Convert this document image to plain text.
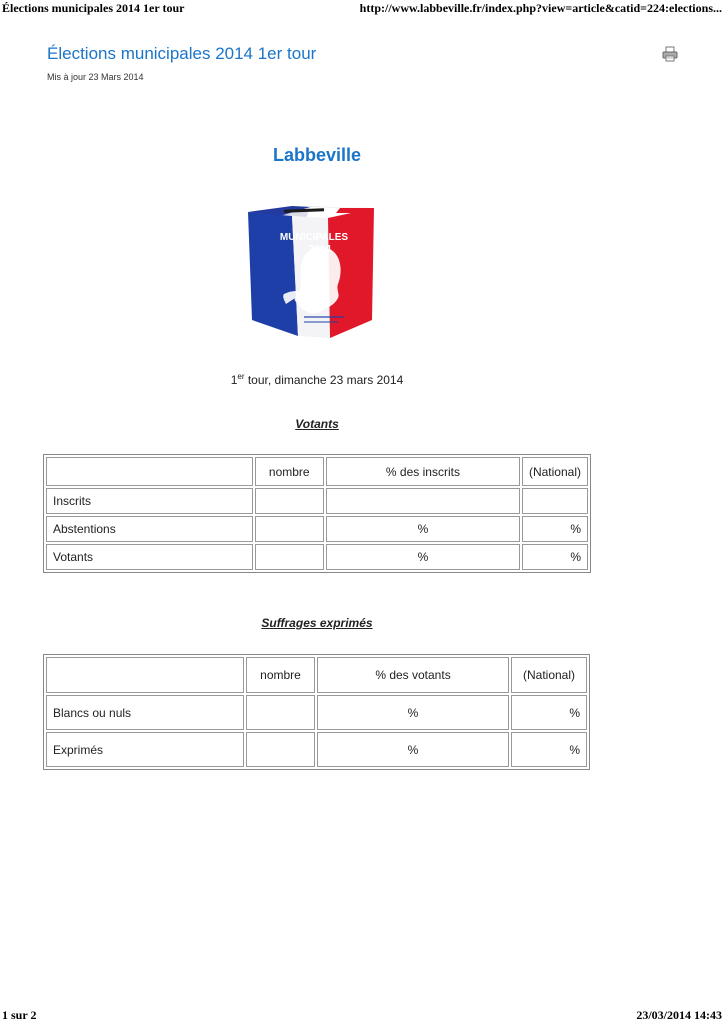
Élections municipales 2014 1er tour	http://www.labbeville.fr/index.php?view=article&catid=224:elections...
Élections municipales 2014 1er tour
Mis à jour 23 Mars 2014
Labbeville
MUNICIPALES
2014
1er tour, dimanche 23 mars 2014
Votants
	nombre	% des inscrits	(National)
Inscrits			
Abstentions		%	%
Votants		%	%
Suffrages exprimés
	nombre	% des votants	(National)
Blancs ou nuls		%	%
Exprimés		%	%
1 sur 2	23/03/2014 14:43
